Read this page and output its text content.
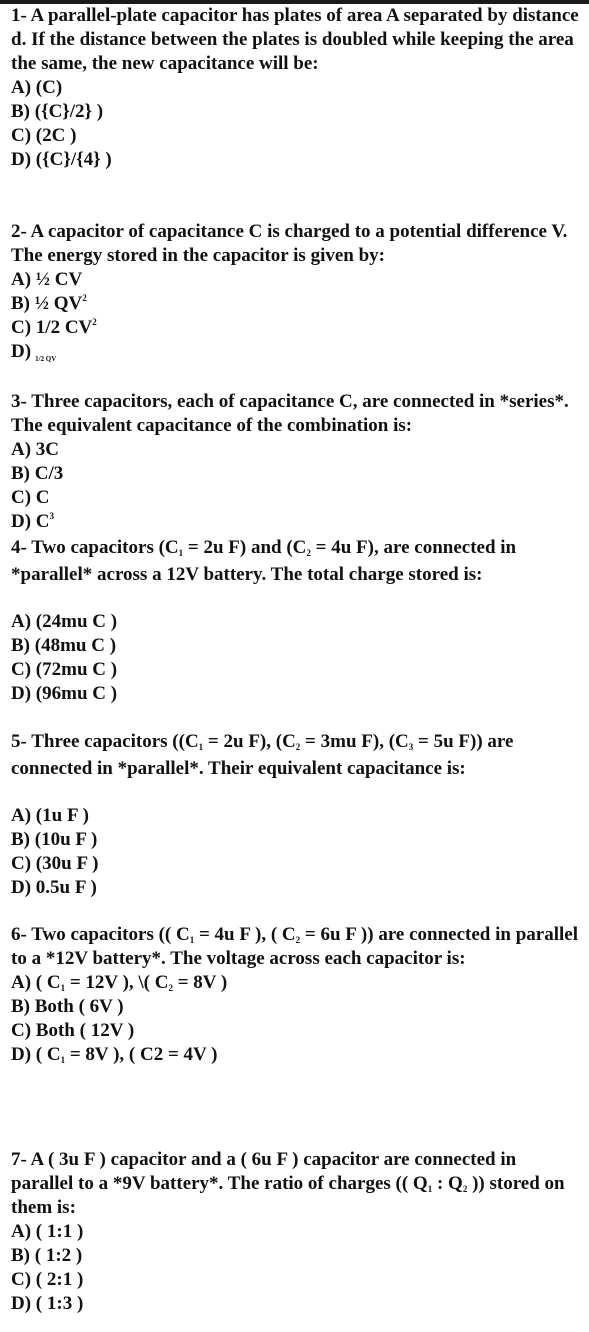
1- A parallel-plate capacitor has plates of area A separated by distance d. If the distance between the plates is doubled while keeping the area the same, the new capacitance will be:

A) (C)
B) ({C}/2} )
C) (2C )
D) ({C}/{4} )

2- A capacitor of capacitance C is charged to a potential difference V. The energy stored in the capacitor is given by:

A) ½ CV
B) ½ $QV^2$
C) 1/2 $CV^2$
D) $_{1/2 QV}$

3- Three capacitors, each of capacitance C, are connected in *series*. The equivalent capacitance of the combination is:

A) 3C
B) C/3
C) C
D) $C^3$

4- Two capacitors ($C_1 = 2u$ F) and ($C_2 = 4u$ F), are connected in *parallel* across a 12V battery. The total charge stored is:

A) (24mu C )
B) (48mu C )
C) (72mu C )
D) (96mu C )

5- Three capacitors (($C_1 = 2u$ F), ($C_2 = 3mu$ F), ($C_3 = 5u$ F)) are connected in *parallel*. Their equivalent capacitance is:

A) (1u F )
B) (10u F )
C) (30u F )
D) 0.5u F )

6- Two capacitors (( $C_1 = 4u$ F ), ( $C_2 = 6u$ F )) are connected in parallel to a *12V battery*. The voltage across each capacitor is:

A) ( $C_1 = 12V$ ), \( $C_2 = 8V$ )
B) Both ( 6V )
C) Both ( 12V )
D) ( $C_1 = 8V$ ), ( C2 = 4V )

7- A ( 3u F ) capacitor and a ( 6u F ) capacitor are connected in parallel to a *9V battery*. The ratio of charges (( $Q_1$ : $Q_2$ )) stored on them is:

A) ( 1:1 )
B) ( 1:2 )
C) ( 2:1 )
D) ( 1:3 )
